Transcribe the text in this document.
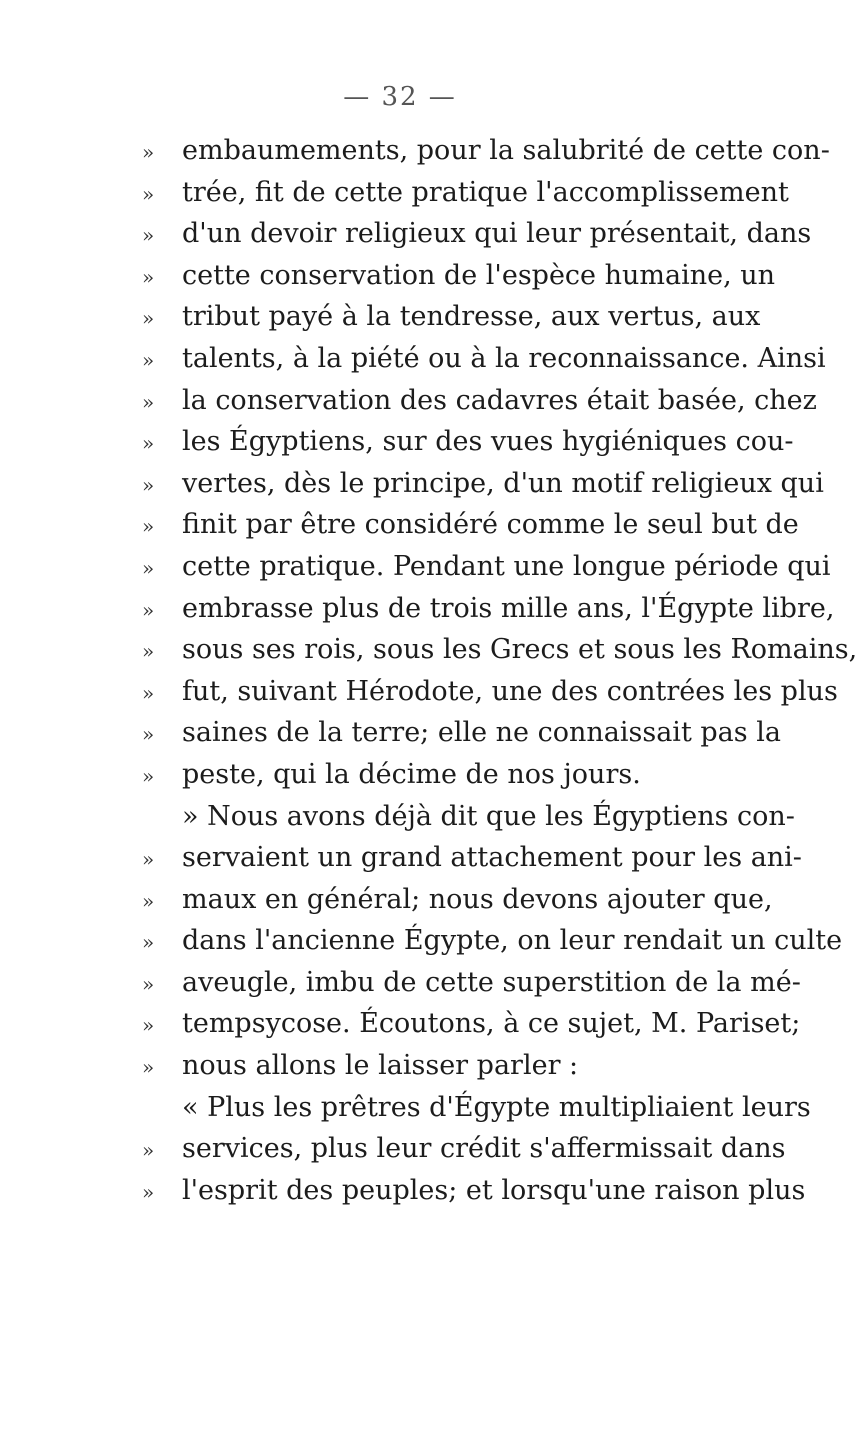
— 32 —
»	embaumements, pour la salubrité de cette con-
»	trée, fit de cette pratique l'accomplissement
»	d'un devoir religieux qui leur présentait, dans
»	cette conservation de l'espèce humaine, un
»	tribut payé à la tendresse, aux vertus, aux
»	talents, à la piété ou à la reconnaissance. Ainsi
»	la conservation des cadavres était basée, chez
»	les Égyptiens, sur des vues hygiéniques cou-
»	vertes, dès le principe, d'un motif religieux qui
»	finit par être considéré comme le seul but de
»	cette pratique. Pendant une longue période qui
»	embrasse plus de trois mille ans, l'Égypte libre,
»	sous ses rois, sous les Grecs et sous les Romains,
»	fut, suivant Hérodote, une des contrées les plus
»	saines de la terre; elle ne connaissait pas la
»	peste, qui la décime de nos jours.
» Nous avons déjà dit que les Égyptiens con-
»	servaient un grand attachement pour les ani-
»	maux en général; nous devons ajouter que,
»	dans l'ancienne Égypte, on leur rendait un culte
»	aveugle, imbu de cette superstition de la mé-
»	tempsycose. Écoutons, à ce sujet, M. Pariset;
»	nous allons le laisser parler :
« Plus les prêtres d'Égypte multipliaient leurs
»	services, plus leur crédit s'affermissait dans
»	l'esprit des peuples; et lorsqu'une raison plus
